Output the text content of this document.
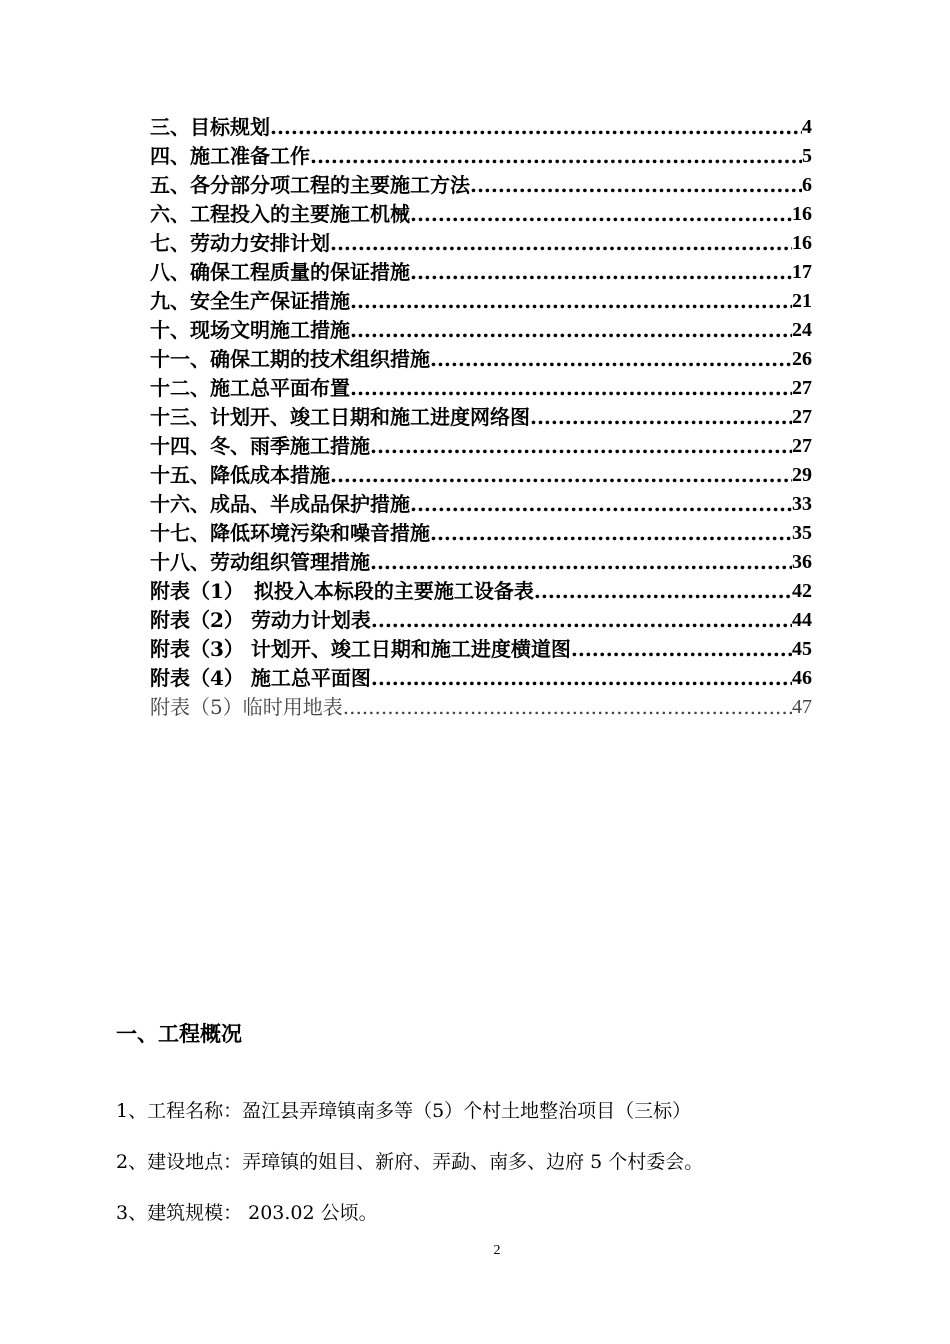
三、目标规划 .....	4
四、施工准备工作 .....	5
五、各分部分项工程的主要施工方法 .....	6
六、工程投入的主要施工机械 .....	16
七、劳动力安排计划 .....	16
八、确保工程质量的保证措施 .....	17
九、安全生产保证措施 .....	21
十、现场文明施工措施 .....	24
十一、确保工期的技术组织措施 .....	26
十二、施工总平面布置 .....	27
十三、计划开、竣工日期和施工进度网络图 .....	27
十四、冬、雨季施工措施 .....	27
十五、降低成本措施 .....	29
十六、成品、半成品保护措施 .....	33
十七、降低环境污染和噪音措施 .....	35
十八、劳动组织管理措施 .....	36
附表（1）　拟投入本标段的主要施工设备表 .....	42
附表（2） 劳动力计划表 .....	44
附表（3） 计划开、竣工日期和施工进度横道图 .....	45
附表（4） 施工总平面图 .....	46
附表（5）临时用地表 .....	47
一、工程概况
1、工程名称：盈江县弄璋镇南多等（5）个村土地整治项目（三标）
2、建设地点：弄璋镇的姐目、新府、弄勐、南多、边府 5 个村委会。
3、建筑规模： 203.02 公顷。
2
